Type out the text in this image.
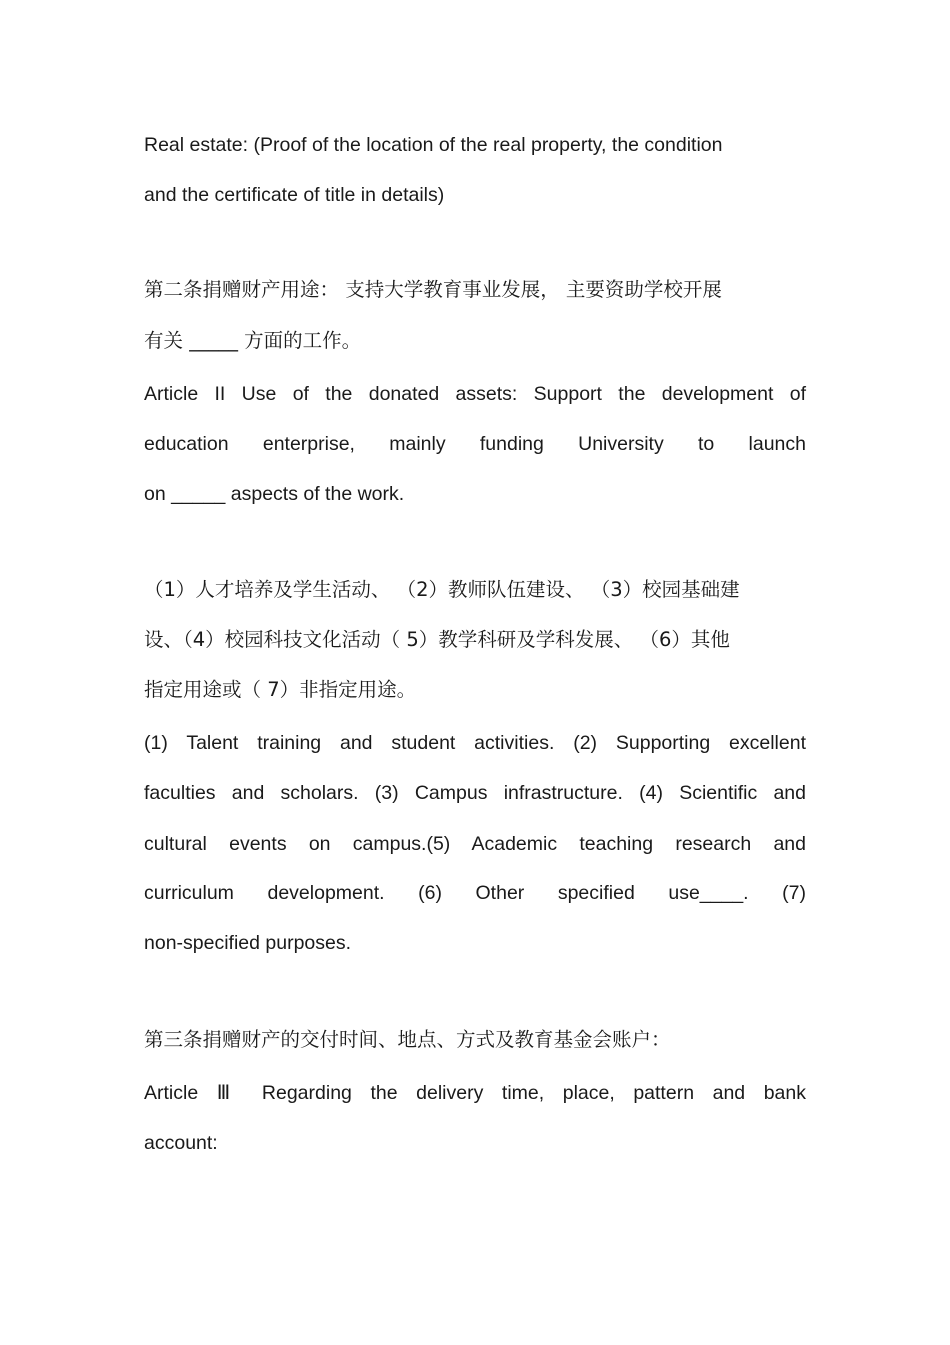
Real estate: (Proof of the location of the real property, the condition
and the certificate of title in details)
第二条捐赠财产用途： 支持大学教育事业发展， 主要资助学校开展
有关 _____ 方面的工作。
Article II Use of the donated assets: Support the development of
education enterprise, mainly funding University to launch
on _____ aspects of the work.
（1）人才培养及学生活动、 （2）教师队伍建设、 （3）校园基础建
设、（4）校园科技文化活动（ 5）教学科研及学科发展、 （6）其他
指定用途或（ 7）非指定用途。
(1) Talent training and student activities. (2) Supporting excellent
faculties and scholars. (3) Campus infrastructure. (4) Scientific and
cultural events on campus.(5) Academic teaching research and
curriculum development. (6) Other specified use____. (7)
non-specified purposes.
第三条捐赠财产的交付时间、地点、方式及教育基金会账户：
Article Ⅲ Regarding the delivery time, place, pattern and bank
account:
